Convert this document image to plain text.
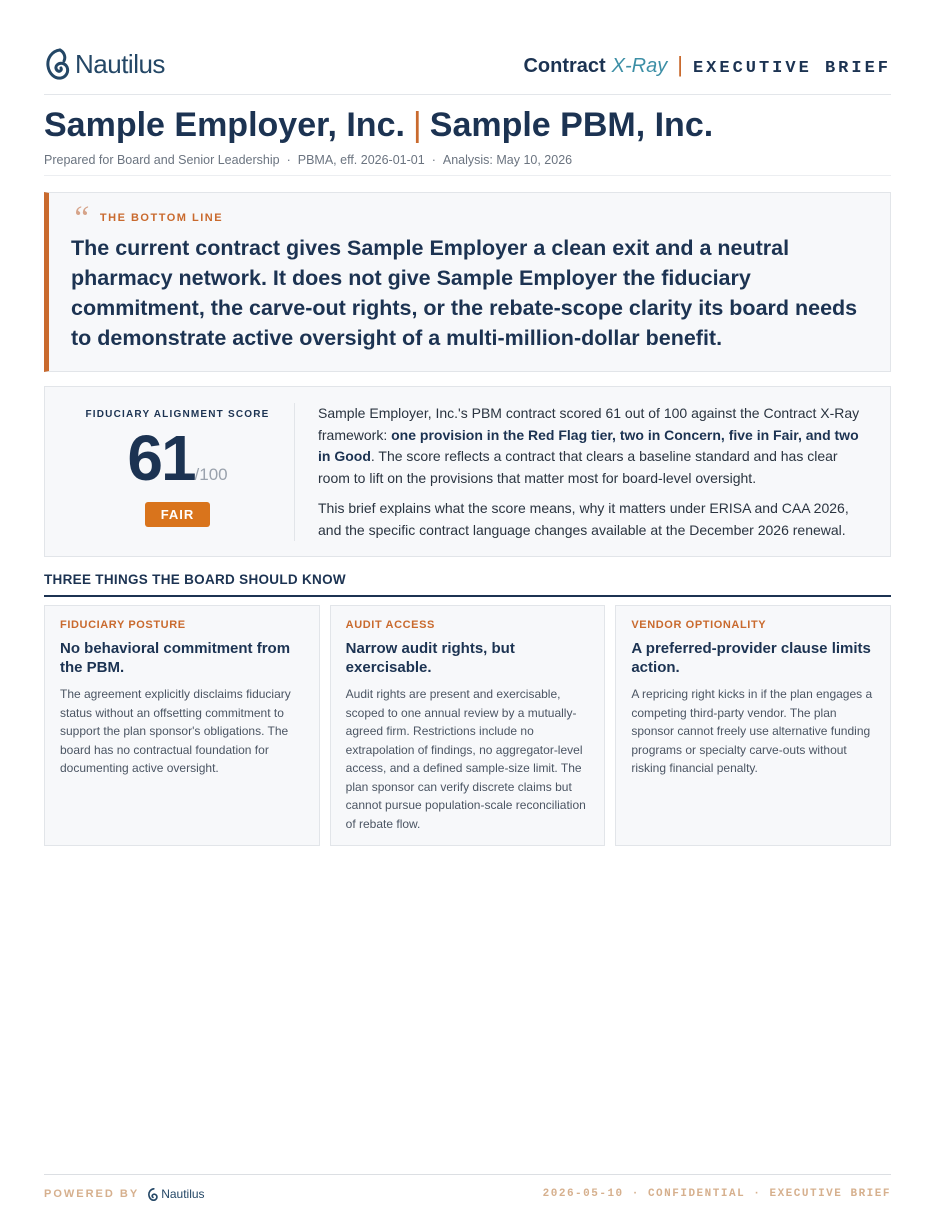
Nautilus	Contract X-Ray | EXECUTIVE BRIEF
Sample Employer, Inc. | Sample PBM, Inc.
Prepared for Board and Senior Leadership · PBMA, eff. 2026-01-01 · Analysis: May 10, 2026
“ THE BOTTOM LINE
The current contract gives Sample Employer a clean exit and a neutral pharmacy network. It does not give Sample Employer the fiduciary commitment, the carve-out rights, or the rebate-scope clarity its board needs to demonstrate active oversight of a multi-million-dollar benefit.
FIDUCIARY ALIGNMENT SCORE
61 /100
FAIR

Sample Employer, Inc.'s PBM contract scored 61 out of 100 against the Contract X-Ray framework: one provision in the Red Flag tier, two in Concern, five in Fair, and two in Good. The score reflects a contract that clears a baseline standard and has clear room to lift on the provisions that matter most for board-level oversight.

This brief explains what the score means, why it matters under ERISA and CAA 2026, and the specific contract language changes available at the December 2026 renewal.

THREE THINGS THE BOARD SHOULD KNOW
FIDUCIARY POSTURE
No behavioral commitment from the PBM.
The agreement explicitly disclaims fiduciary status without an offsetting commitment to support the plan sponsor's obligations. The board has no contractual foundation for documenting active oversight.
AUDIT ACCESS
Narrow audit rights, but exercisable.
Audit rights are present and exercisable, scoped to one annual review by a mutually-agreed firm. Restrictions include no extrapolation of findings, no aggregator-level access, and a defined sample-size limit. The plan sponsor can verify discrete claims but cannot pursue population-scale reconciliation of rebate flow.
VENDOR OPTIONALITY
A preferred-provider clause limits action.
A repricing right kicks in if the plan engages a competing third-party vendor. The plan sponsor cannot freely use alternative funding programs or specialty carve-outs without risking financial penalty.
POWERED BY Nautilus	2026-05-10 · CONFIDENTIAL · EXECUTIVE BRIEF
